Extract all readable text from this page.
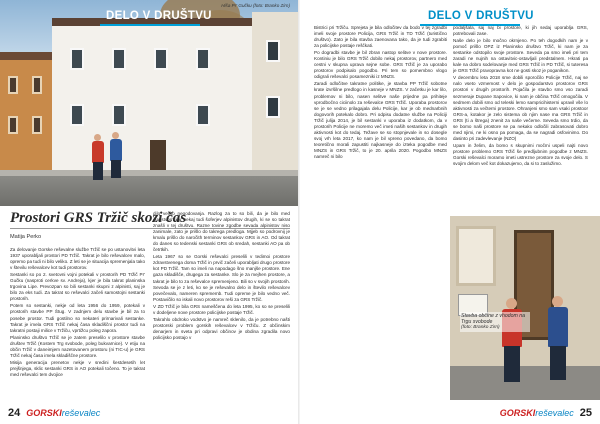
DELO V DRUŠTVU
Hiša Pr' Gučku (foto: Branko Zirn)
Prostori GRS Tržič skozi čas
Matija Perko

Za delovanje Gorske reševalne službe Tržič se po ustanovitvi leta 1937 uporabljali prostori PD Tržič. Takrat je bilo reševalcev malo, opremo pa tudi ni bilo veliko. Z leti se je situacija spremenjala tako v številu reševalcev kot tudi prostorov.

Sestanki so po 2. svetovni vojni potekali v prostorih PD Tržič Pr' Gučku (nasproti cerkve sv. Andreja), kjer je bila takrat planinska trgovina Lipe. Prevozpan so bili sestanki skupni z alpinisti, saj je bilo za eks tudi. Za takrat so reševalci začeli samostojni sestanki prostorih.

Potem so sestanki, nekje od leta 1956 do 1959, potekali v prostorih stavbe PP Štug. V zadnjem delu stavbe je bil za to posebe prostor. Tudi gostilno so nekateri prirnarivali sestanke. Takrat je imela GRS Tržič nekaj časa skladiščni prostor tudi na takratni postaji milice v Tržiču, vprtižcu poleg zapora.

Planinsko društvo Tržič se je zatem preselilo v prostore stavbe društev Tržič (Kostem Trg svobode, poleg bukvarnice). V etiju na občin Tržič v daneimjem nazetovanem prostoru (ni TIC-u) je GRS Tržič nekaj časa imela skladiščne prostore.

Misija generacija prenetov nekje v sredini šestdesetih let prejšnjega, sklic sestanki GRS in AO potekali točeno. To je takrat med reševalci tem dvojice

dilo veliko negodovanja. Razlog za to so bili, da je bilo med članstvom kar nekaj tudi šoferjev alpinistov drugih, ki se so takrat znašli v tej društvu. Razne tovine zgodbe sevada alpinistov niso zanimale, zato je prišlo do takrega predloga. Mjjeb so podrovnij je kmalu prišlo do naročith terminov sestankov GRS in AO. Od takrat do danes so tedenski sestanki GRS ob sredah, sestanki AO pa ob četrtkih.

Leta 1967 so se Gorski reševalci preselili v tedimoi prostore zdravstvenega doma Tržič in prvič začeli uporabljati drugo prostore kot PD Tržič. Tam so imeli na napodago šno manjše prostore. Ene gaza skladišče, drugega za sestanke. Slo je za mejhen prostore, a takrat je bilo to za reševalce spremenjeno. Bili so v svojih prostorih. Sevoda se je z leti, ko se je reševalno delo in število reševalcev povečevalo, nameren sprememb. Tudi opreme je bilo vedno več. Postavičilo so iskali novo prostorov reši za GRS Tržič.

V ZD Tržič je bila GRS nameščena do leta 1995, ko so se preselili v dodeljene nove prostore policijske postaje Tržič.

Takrahlo obdroko vodstvo je namreč sklenilo, da je potrebno našti prostorski problem gorskih reševalcev v Tržiču. Z občinskim denarjem in sveta pri odpravi občinov je obdina zgradila novo policijsko postajo v

24 GORSKIreševalec
DELO V DRUŠTVU

Bistrici pri Tržiču. Sprejeta je bila odločitev da bodo v tej zgradbi imeli svoje prostore Policija, GRS Tržič in TD Tržič (turistično društvo). Zato je bila stavba zaenovana tako, da je tudi zgrabiti za policijske postaje reščkati.

Po dogradbi stavbe je bil zbran nastop selitve v nove prostore. Kontiniu je bilo GRS Tržič dobilo nekaj prostorov, partnero med cestni v skupna uprava sejne sobe. GRS Tržič je za uporabo prostorov podpisalo pogodbo. Pri tem so pomembno vlogo odigrali reševalci posamezniki iz MNZS.

Zaradi odločitve takratne politike, je stavba PP Tržič sobotne krate izvršilne predlogo in kasneje v MNZS. V začetku je kar lilo, problemov ni bilo, nasen selitve naše prijedne pa prihiteje vprodbočno ciciinolo za reševalce GRS Tržič. Uporaba prostorov se je se vedno prilagajala delu Policije, kar je ob mednarbnih dogovorih potekalo dobro. Pri odpisu dodatne službe na Policiji Tržič julija 2014, je bil sestanki v uporaba iz dodatkom, da v prostorih Policije ne moremo več imeti naših sestankov in drugih aktivnosti kot do tedaj. Težave se so stopnjevale in so dosegle svoj vrh leta 2017, ko nam je bil vpreno povedano, da bomo teoretično morali zapustiti najkasneje do izteka pogodbe med MNZS in GRS Tržič, to je 20. aprila 2020. Pogodbo MNZS namreč ni bilo

podaljšala, saj naj bi prostore, ki jih sedaj uporablja GRS, potrebovali zase.

Naše delo je bilo močno okrnjeno. Po teh dogodkih nam je v pomoč prišlo OPZ iz Planinsko društvo Tržič, ki nam je za sestanke odstopilo svoje prostore. Seveda pa smo imeli pri tem zaradi ne nujnih na ostavitvic-ostavljali predstalnem. Hkrati pa kale na dobro sodelovanje med GRS Tržič in PD Tržič, si tuteresa je GRS Tržič pravopravna kot ne gosti skoz je poganikon.

V decembru leta 2018 sme dobili sporočilo Policije Tržič, naj se nalo vseto vzmemost v delo je gospodarstvo prostorov GRS prostori v drugih prostorih. Pojačila je stavbo smo vso zaradi sezmeraje Dupane Sapovice, ki nam je občina Tržič omogočila. V sedmem dobili smo od teleski lemo sampricihisterni upravil vše lo aktivnosti za večterni prostore. Ohranjeni smo sam vsaki prostoor GRS-a, kotakor je zelo sistema ob njim nase ma GRS Tržič in GRS (ti a štrega) znenit za naše večerne. Seveda smo trdio, da se bomo naši prostore se pa nekako odločili zabrasovati dobro med njimi, ne ki osno pa pomaga, da se nagradi osfovinimo. Do dasinto pri zadevlevanje (NZO)

Upam in želim, da bomo s skupnimi močmi uspeli najti novo prostore problemo GRS Tržič še predljubnim pogodbe z MNZS. Gorski reševalci moramo imeti ustrezne prostore za svoje delo. S svojim delom več kot dokazujemo, da si to zaslužimo.

Stavba občine z vhodom na Trgu svobode
(foto: Branko Zirn)
GORSKIreševalec 25
